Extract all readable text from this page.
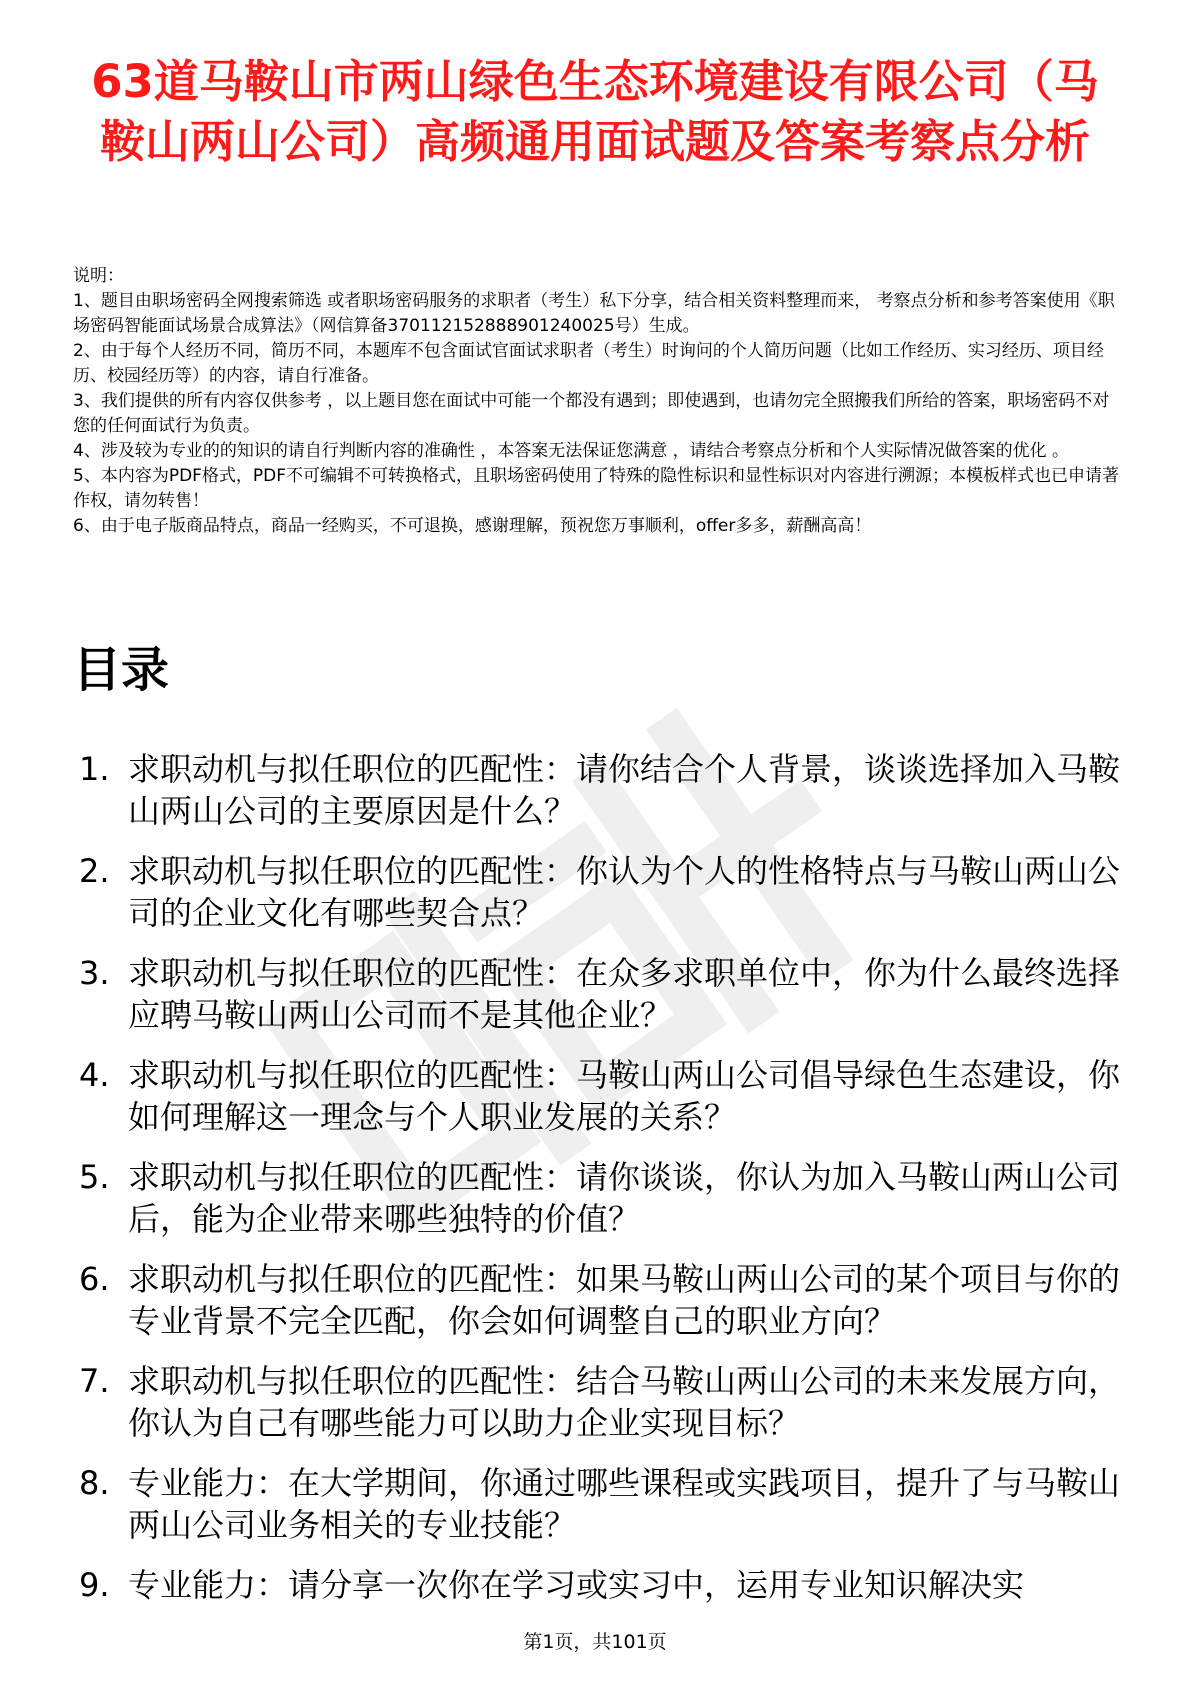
63道马鞍山市两山绿色生态环境建设有限公司（马鞍山两山公司）高频通用面试题及答案考察点分析

说明：

1、题目由职场密码全网搜索筛选 或者职场密码服务的求职者（考生）私下分享，结合相关资料整理而来， 考察点分析和参考答案使用《职场密码智能面试场景合成算法》（网信算备370112152888901240025号）生成。

2、由于每个人经历不同，简历不同，本题库不包含面试官面试求职者（考生）时询问的个人简历问题（比如工作经历、实习经历、项目经历、校园经历等）的内容，请自行准备。

3、我们提供的所有内容仅供参考 ，以上题目您在面试中可能一个都没有遇到；即使遇到，也请勿完全照搬我们所给的答案，职场密码不对您的任何面试行为负责。

4、涉及较为专业的的知识的请自行判断内容的准确性 ，本答案无法保证您满意 ，请结合考察点分析和个人实际情况做答案的优化 。

5、本内容为PDF格式，PDF不可编辑不可转换格式，且职场密码使用了特殊的隐性标识和显性标识对内容进行溯源；本模板样式也已申请著作权，请勿转售！

6、由于电子版商品特点，商品一经购买，不可退换，感谢理解，预祝您万事顺利，offer多多，薪酬高高！

目录
1. 求职动机与拟任职位的匹配性：请你结合个人背景，谈谈选择加入马鞍山两山公司的主要原因是什么？
2. 求职动机与拟任职位的匹配性：你认为个人的性格特点与马鞍山两山公司的企业文化有哪些契合点？
3. 求职动机与拟任职位的匹配性：在众多求职单位中，你为什么最终选择应聘马鞍山两山公司而不是其他企业？
4. 求职动机与拟任职位的匹配性：马鞍山两山公司倡导绿色生态建设，你如何理解这一理念与个人职业发展的关系？
5. 求职动机与拟任职位的匹配性：请你谈谈，你认为加入马鞍山两山公司后，能为企业带来哪些独特的价值？
6. 求职动机与拟任职位的匹配性：如果马鞍山两山公司的某个项目与你的专业背景不完全匹配，你会如何调整自己的职业方向？
7. 求职动机与拟任职位的匹配性：结合马鞍山两山公司的未来发展方向，你认为自己有哪些能力可以助力企业实现目标？
8. 专业能力：在大学期间，你通过哪些课程或实践项目，提升了与马鞍山两山公司业务相关的专业技能？
9. 专业能力：请分享一次你在学习或实习中，运用专业知识解决实
第1页，共101页
